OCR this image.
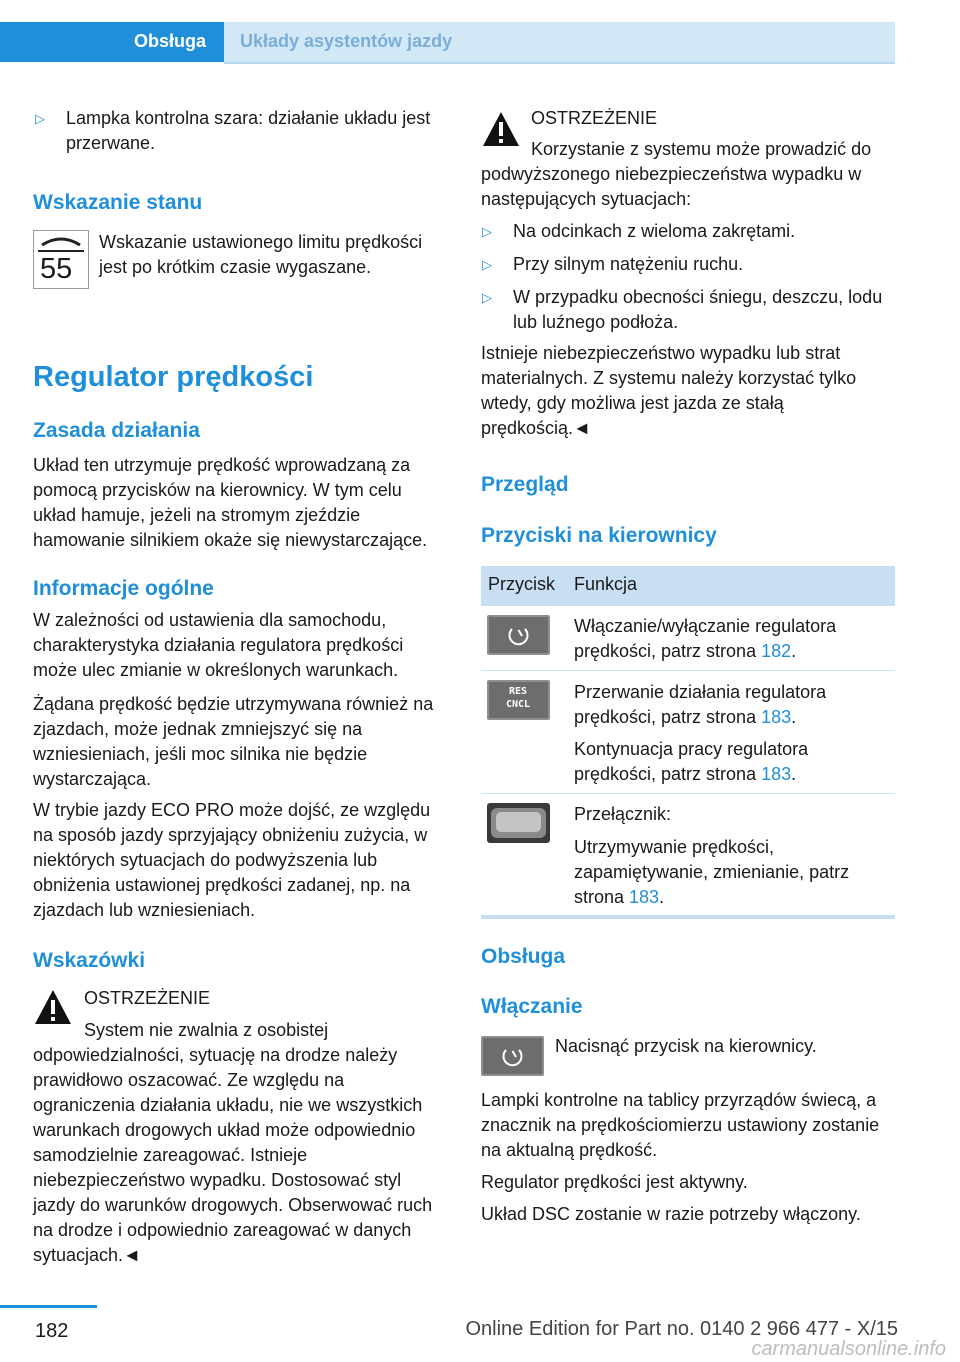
Obsługa Układy asystentów jazdy
▷ Lampka kontrolna szara: działanie układu jest przerwane.
Wskazanie stanu
55
Wskazanie ustawionego limitu prędkości jest po krótkim czasie wygaszane.
Regulator prędkości
Zasada działania
Układ ten utrzymuje prędkość wprowadzaną za pomocą przycisków na kierownicy. W tym celu układ hamuje, jeżeli na stromym zjeździe hamowanie silnikiem okaże się niewystarczające.
Informacje ogólne
W zależności od ustawienia dla samochodu, charakterystyka działania regulatora prędkości może ulec zmianie w określonych warunkach.
Żądana prędkość będzie utrzymywana również na zjazdach, może jednak zmniejszyć się na wzniesieniach, jeśli moc silnika nie będzie wystarczająca.
W trybie jazdy ECO PRO może dojść, ze względu na sposób jazdy sprzyjający obniżeniu zużycia, w niektórych sytuacjach do podwyższenia lub obniżenia ustawionej prędkości zadanej, np. na zjazdach lub wzniesieniach.
Wskazówki
OSTRZEŻENIE
System nie zwalnia z osobistej odpowiedzialności, sytuację na drodze należy prawidłowo oszacować. Ze względu na ograniczenia działania układu, nie we wszystkich warunkach drogowych układ może odpowiednio samodzielnie zareagować. Istnieje niebezpieczeństwo wypadku. Dostosować styl jazdy do warunków drogowych. Obserwować ruch na drodze i odpowiednio zareagować w danych sytuacjach.◄
OSTRZEŻENIE
Korzystanie z systemu może prowadzić do podwyższonego niebezpieczeństwa wypadku w następujących sytuacjach:
▷ Na odcinkach z wieloma zakrętami.
▷ Przy silnym natężeniu ruchu.
▷ W przypadku obecności śniegu, deszczu, lodu lub luźnego podłoża.
Istnieje niebezpieczeństwo wypadku lub strat materialnych. Z systemu należy korzystać tylko wtedy, gdy możliwa jest jazda ze stałą prędkością.◄
Przegląd
Przyciski na kierownicy
Przycisk Funkcja
Włączanie/wyłączanie regulatora prędkości, patrz strona 182.
RES CNCL
Przerwanie działania regulatora prędkości, patrz strona 183.
Kontynuacja pracy regulatora prędkości, patrz strona 183.
Przełącznik:
Utrzymywanie prędkości, zapamiętywanie, zmienianie, patrz strona 183.
Obsługa
Włączanie
Nacisnąć przycisk na kierownicy.
Lampki kontrolne na tablicy przyrządów świecą, a znacznik na prędkościomierzu ustawiony zostanie na aktualną prędkość.
Regulator prędkości jest aktywny.
Układ DSC zostanie w razie potrzeby włączony.
182	Online Edition for Part no. 0140 2 966 477 - X/15
carmanualsonline.info
